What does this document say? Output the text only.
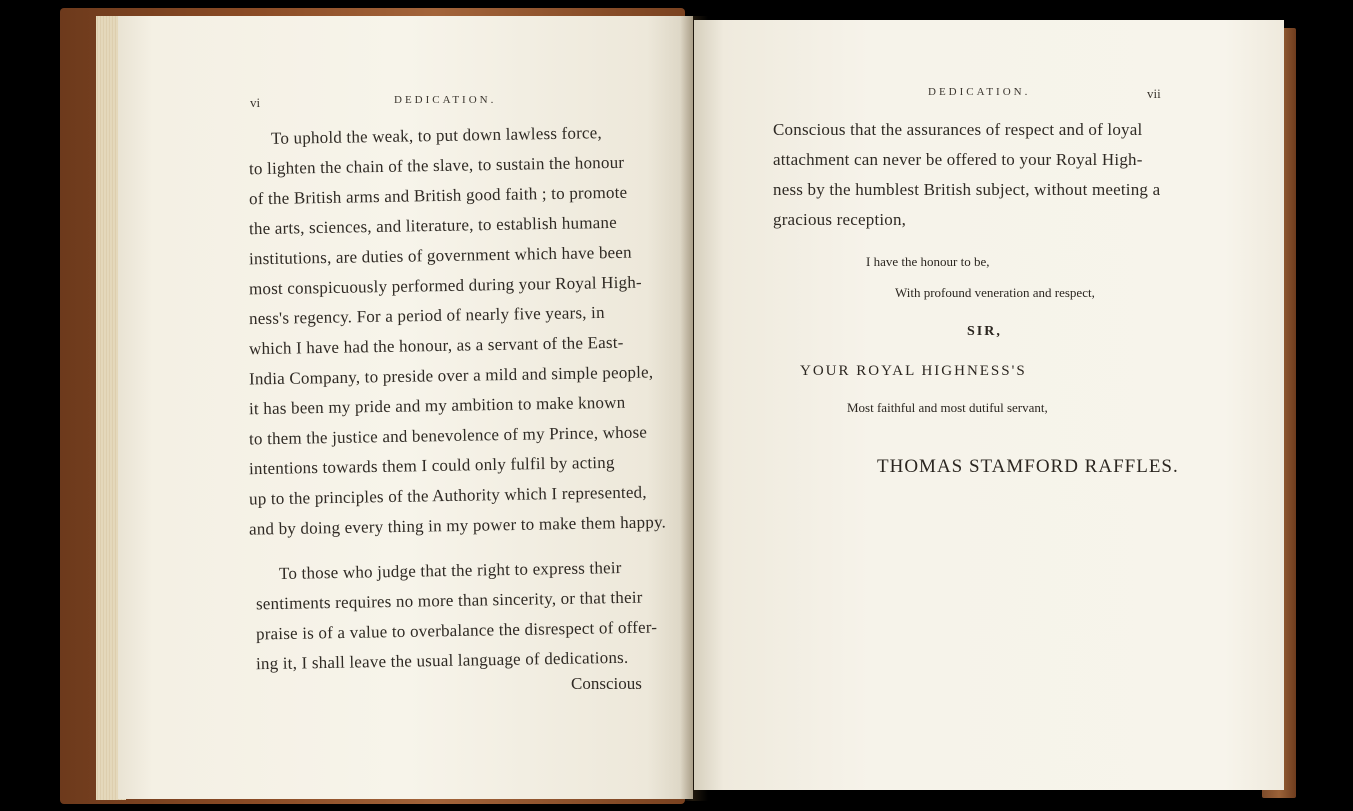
vi	DEDICATION.
To uphold the weak, to put down lawless force,
to lighten the chain of the slave, to sustain the honour
of the British arms and British good faith ; to promote
the arts, sciences, and literature, to establish humane
institutions, are duties of government which have been
most conspicuously performed during your Royal High-
ness's regency. For a period of nearly five years, in
which I have had the honour, as a servant of the East-
India Company, to preside over a mild and simple people,
it has been my pride and my ambition to make known
to them the justice and benevolence of my Prince, whose
intentions towards them I could only fulfil by acting
up to the principles of the Authority which I represented,
and by doing every thing in my power to make them happy.
To those who judge that the right to express their
sentiments requires no more than sincerity, or that their
praise is of a value to overbalance the disrespect of offer-
ing it, I shall leave the usual language of dedications.
Conscious
DEDICATION.	vii
Conscious that the assurances of respect and of loyal
attachment can never be offered to your Royal High-
ness by the humblest British subject, without meeting a
gracious reception,
I have the honour to be,
With profound veneration and respect,
SIR,
YOUR ROYAL HIGHNESS'S
Most faithful and most dutiful servant,
THOMAS STAMFORD RAFFLES.
